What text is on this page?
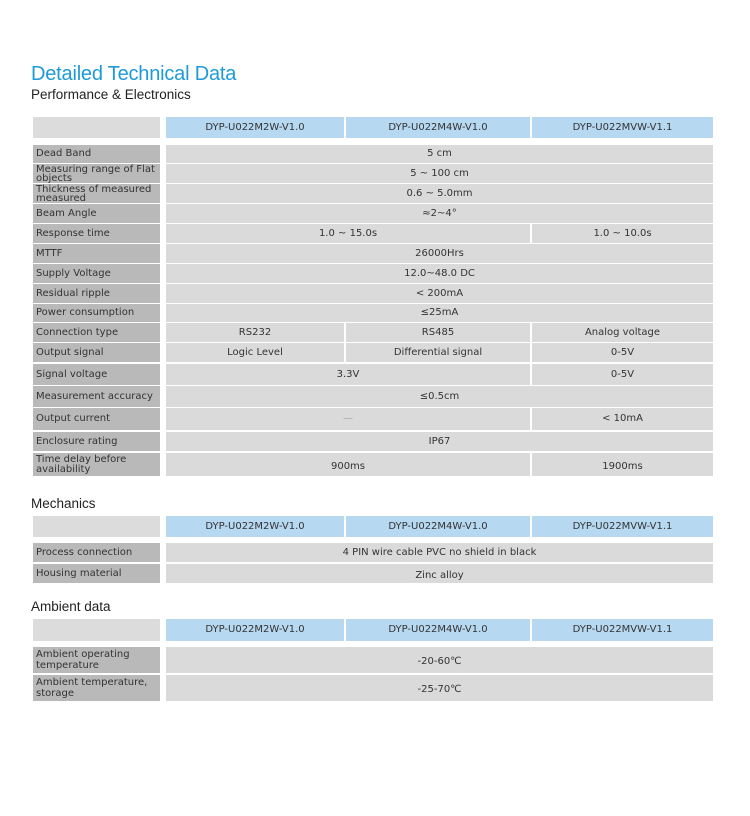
Detailed Technical Data
Performance & Electronics
DYP-U022M2W-V1.0	DYP-U022M4W-V1.0	DYP-U022MVW-V1.1
Dead Band	5 cm
Measuring range of Flat objects	5 ~ 100 cm
Thickness of measured measured	0.6 ~ 5.0mm
Beam Angle	≈2~4°
Response time	1.0 ~ 15.0s	1.0 ~ 10.0s
MTTF	26000Hrs
Supply Voltage	12.0~48.0 DC
Residual ripple	< 200mA
Power consumption	≤25mA
Connection type	RS232	RS485	Analog voltage
Output signal	Logic Level	Differential signal	0-5V
Signal voltage	3.3V	0-5V
Measurement accuracy	≤0.5cm
Output current	—	< 10mA
Enclosure rating	IP67
Time delay before availability	900ms	1900ms
Mechanics
DYP-U022M2W-V1.0	DYP-U022M4W-V1.0	DYP-U022MVW-V1.1
Process connection	4 PIN wire cable PVC no shield in black
Housing material	Zinc alloy
Ambient data
DYP-U022M2W-V1.0	DYP-U022M4W-V1.0	DYP-U022MVW-V1.1
Ambient operating temperature	-20-60℃
Ambient temperature, storage	-25-70℃
